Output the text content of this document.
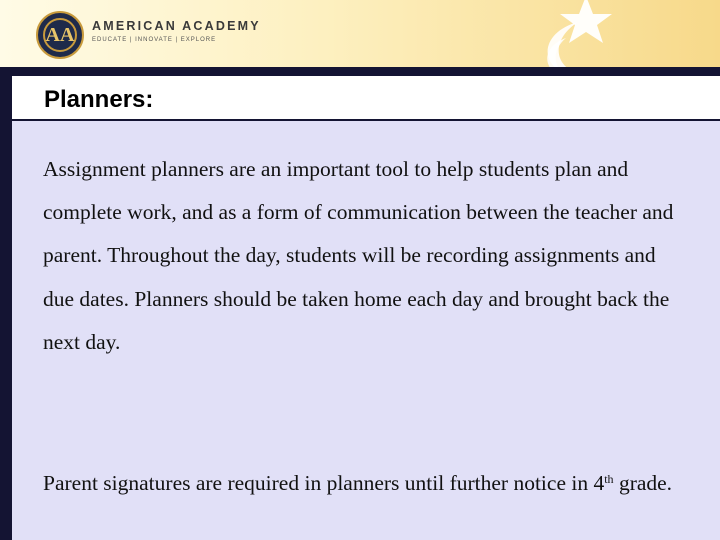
AA AMERICAN ACADEMY
EDUCATE | INNOVATE | EXPLORE
Planners:

Assignment planners are an important tool to help students plan and complete work, and as a form of communication between the teacher and parent. Throughout the day, students will be recording assignments and due dates. Planners should be taken home each day and brought back the next day.

Parent signatures are required in planners until further notice in 4th grade.
